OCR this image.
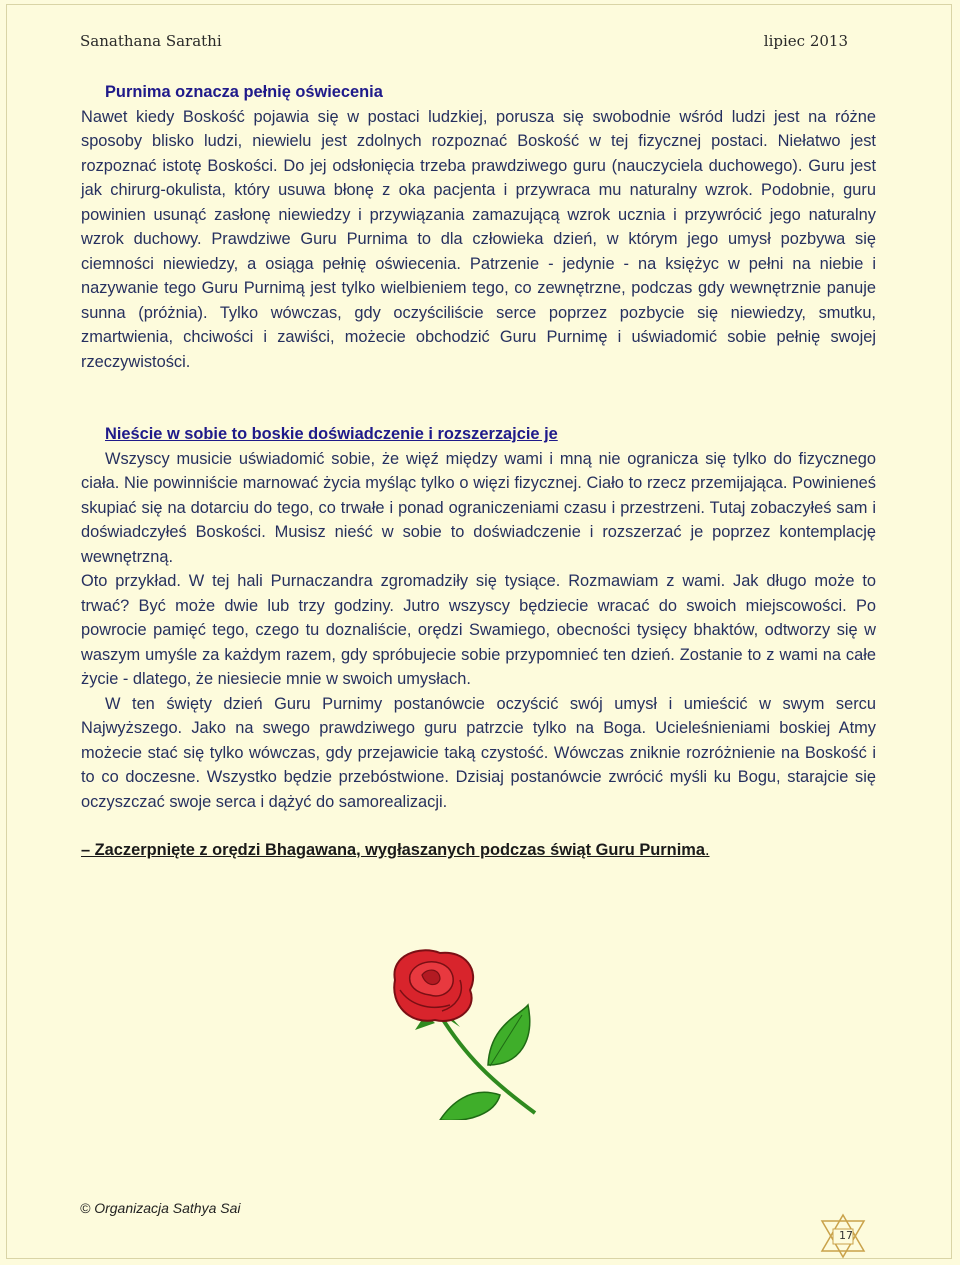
Sanathana Sarathi	lipiec 2013

Purnima oznacza pełnię oświecenia

Nawet kiedy Boskość pojawia się w postaci ludzkiej, porusza się swobodnie wśród ludzi jest na różne sposoby blisko ludzi, niewielu jest zdolnych rozpoznać Boskość w tej fizycznej postaci. Niełatwo jest rozpoznać istotę Boskości. Do jej odsłonięcia trzeba prawdziwego guru (nauczyciela duchowego). Guru jest jak chirurg-okulista, który usuwa błonę z oka pacjenta i przywraca mu naturalny wzrok. Podobnie, guru powinien usunąć zasłonę niewiedzy i przywiązania zamazującą wzrok ucznia i przywrócić jego naturalny wzrok duchowy. Prawdziwe Guru Purnima to dla człowieka dzień, w którym jego umysł pozbywa się ciemności niewiedzy, a osiąga pełnię oświecenia. Patrzenie - jedynie - na księżyc w pełni na niebie i nazywanie tego Guru Purnimą jest tylko wielbieniem tego, co zewnętrzne, podczas gdy wewnętrznie panuje sunna (próżnia). Tylko wówczas, gdy oczyściliście serce poprzez pozbycie się niewiedzy, smutku, zmartwienia, chciwości i zawiści, możecie obchodzić Guru Purnimę i uświadomić sobie pełnię swojej rzeczywistości.

Nieście w sobie to boskie doświadczenie i rozszerzajcie je

Wszyscy musicie uświadomić sobie, że więź między wami i mną nie ogranicza się tylko do fizycznego ciała. Nie powinniście marnować życia myśląc tylko o więzi fizycznej. Ciało to rzecz przemijająca. Powinieneś skupiać się na dotarciu do tego, co trwałe i ponad ograniczeniami czasu i przestrzeni. Tutaj zobaczyłeś sam i doświadczyłeś Boskości. Musisz nieść w sobie to doświadczenie i rozszerzać je poprzez kontemplację wewnętrzną.

Oto przykład. W tej hali Purnaczandra zgromadziły się tysiące. Rozmawiam z wami. Jak długo może to trwać? Być może dwie lub trzy godziny. Jutro wszyscy będziecie wracać do swoich miejscowości. Po powrocie pamięć tego, czego tu doznaliście, orędzi Swamiego, obecności tysięcy bhaktów, odtworzy się w waszym umyśle za każdym razem, gdy spróbujecie sobie przypomnieć ten dzień. Zostanie to z wami na całe życie - dlatego, że niesiecie mnie w swoich umysłach.

W ten święty dzień Guru Purnimy postanówcie oczyścić swój umysł i umieścić w swym sercu Najwyższego. Jako na swego prawdziwego guru patrzcie tylko na Boga. Ucieleśnieniami boskiej Atmy możecie stać się tylko wówczas, gdy przejawicie taką czystość. Wówczas zniknie rozróżnienie na Boskość i to co doczesne. Wszystko będzie przebóstwione. Dzisiaj postanówcie zwrócić myśli ku Bogu, starajcie się oczyszczać swoje serca i dążyć do samorealizacji.

– Zaczerpnięte z orędzi Bhagawana, wygłaszanych podczas świąt Guru Purnima.

© Organizacja Sathya Sai
17
